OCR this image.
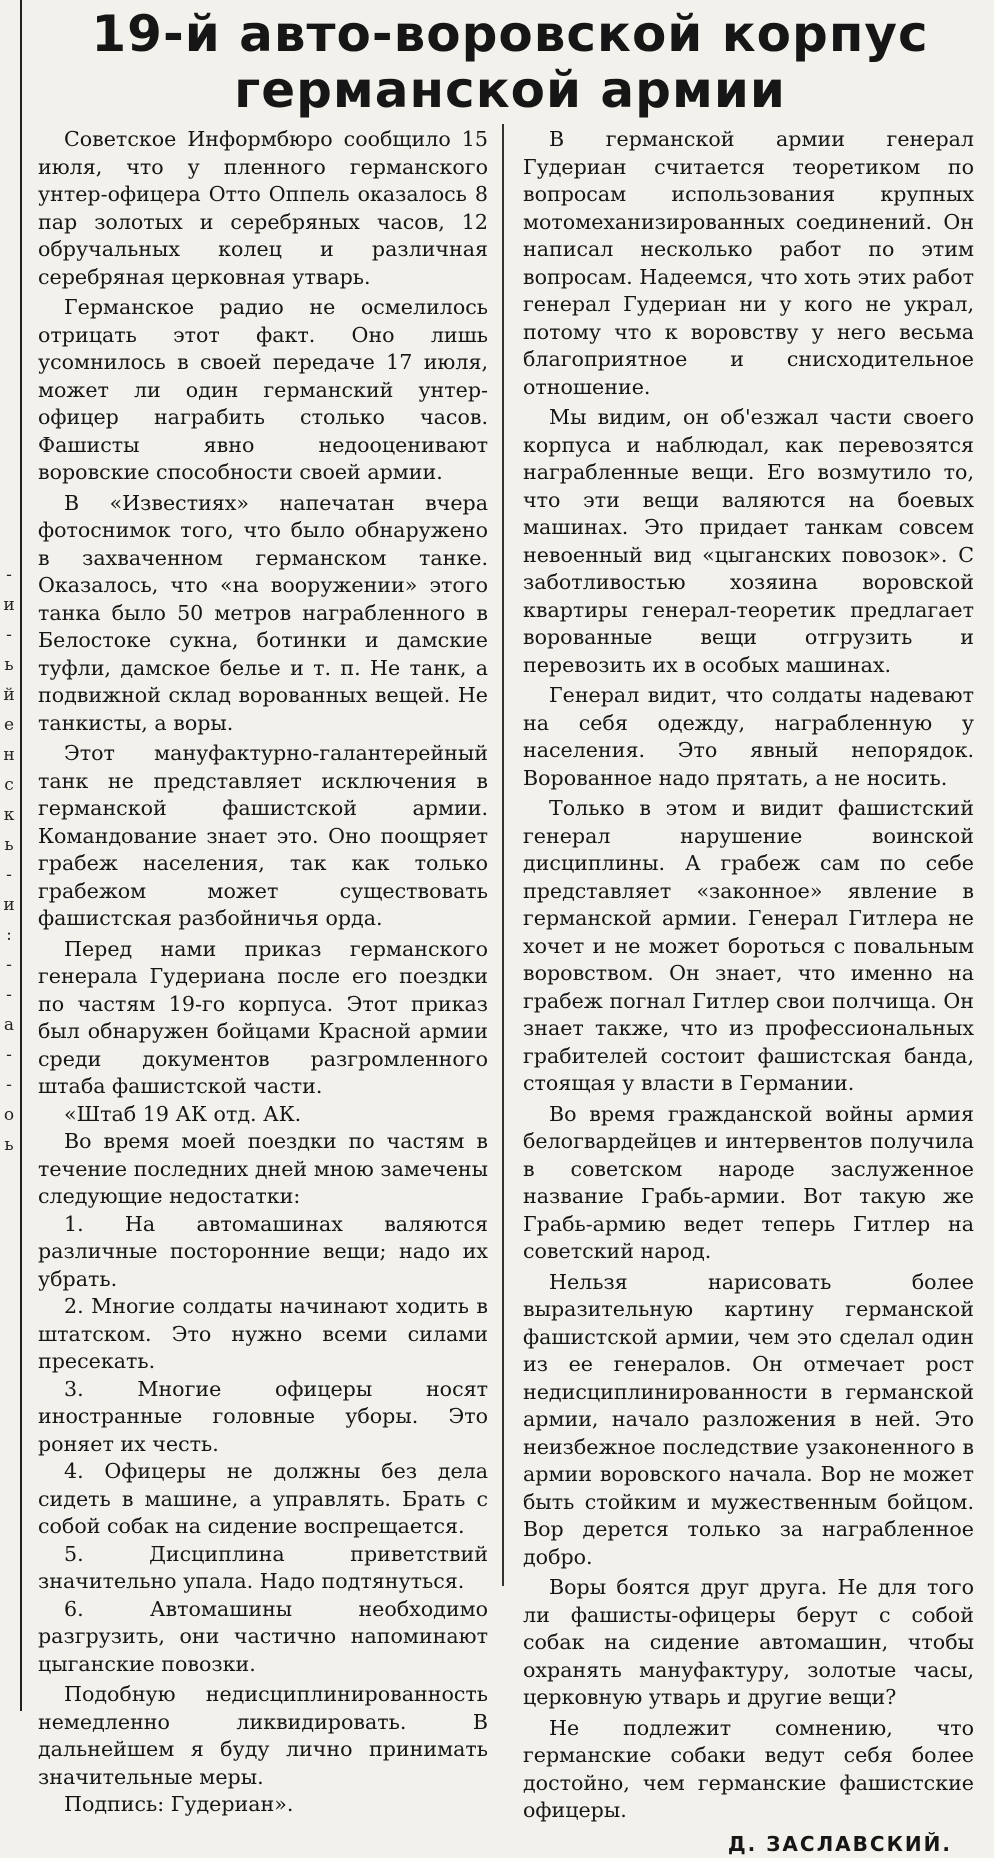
-
и
-
ь
й
е
н
с
к
ь
-
и
:
-
-
а
-
-
о
ь
19-й авто-воровской корпус
германской армии

Советское Информбюро сообщило 15 июля, что у пленного германского унтер-офицера Отто Оппель оказалось 8 пар золотых и серебряных часов, 12 обручальных колец и различная серебряная церковная утварь.

Германское радио не осмелилось отрицать этот факт. Оно лишь усомнилось в своей передаче 17 июля, может ли один германский унтер-офицер награбить столько часов. Фашисты явно недооценивают воровские способности своей армии.

В «Известиях» напечатан вчера фотоснимок того, что было обнаружено в захваченном германском танке. Оказалось, что «на вооружении» этого танка было 50 метров награбленного в Белостоке сукна, ботинки и дамские туфли, дамское белье и т. п. Не танк, а подвижной склад ворованных вещей. Не танкисты, а воры.

Этот мануфактурно-галантерейный танк не представляет исключения в германской фашистской армии. Командование знает это. Оно поощряет грабеж населения, так как только грабежом может существовать фашистская разбойничья орда.

Перед нами приказ германского генерала Гудериана после его поездки по частям 19-го корпуса. Этот приказ был обнаружен бойцами Красной армии среди документов разгромленного штаба фашистской части.

«Штаб 19 АК отд. АК.

Во время моей поездки по частям в течение последних дней мною замечены следующие недостатки:

1. На автомашинах валяются различные посторонние вещи; надо их убрать.

2. Многие солдаты начинают ходить в штатском. Это нужно всеми силами пресекать.

3. Многие офицеры носят иностранные головные уборы. Это роняет их честь.

4. Офицеры не должны без дела сидеть в машине, а управлять. Брать с собой собак на сидение воспрещается.

5. Дисциплина приветствий значительно упала. Надо подтянуться.

6. Автомашины необходимо разгрузить, они частично напоминают цыганские повозки.

Подобную недисциплинированность немедленно ликвидировать. В дальнейшем я буду лично принимать значительные меры.

Подпись: Гудериан».

В германской армии генерал Гудериан считается теоретиком по вопросам использования крупных мотомеханизированных соединений. Он написал несколько работ по этим вопросам. Надеемся, что хоть этих работ генерал Гудериан ни у кого не украл, потому что к воровству у него весьма благоприятное и снисходительное отношение.

Мы видим, он об'езжал части своего корпуса и наблюдал, как перевозятся награбленные вещи. Его возмутило то, что эти вещи валяются на боевых машинах. Это придает танкам совсем невоенный вид «цыганских повозок». С заботливостью хозяина воровской квартиры генерал-теоретик предлагает ворованные вещи отгрузить и перевозить их в особых машинах.

Генерал видит, что солдаты надевают на себя одежду, награбленную у населения. Это явный непорядок. Ворованное надо прятать, а не носить.

Только в этом и видит фашистский генерал нарушение воинской дисциплины. А грабеж сам по себе представляет «законное» явление в германской армии. Генерал Гитлера не хочет и не может бороться с повальным воровством. Он знает, что именно на грабеж погнал Гитлер свои полчища. Он знает также, что из профессиональных грабителей состоит фашистская банда, стоящая у власти в Германии.

Во время гражданской войны армия белогвардейцев и интервентов получила в советском народе заслуженное название Грабь-армии. Вот такую же Грабь-армию ведет теперь Гитлер на советский народ.

Нельзя нарисовать более выразительную картину германской фашистской армии, чем это сделал один из ее генералов. Он отмечает рост недисциплинированности в германской армии, начало разложения в ней. Это неизбежное последствие узаконенного в армии воровского начала. Вор не может быть стойким и мужественным бойцом. Вор дерется только за награбленное добро.

Воры боятся друг друга. Не для того ли фашисты-офицеры берут с собой собак на сидение автомашин, чтобы охранять мануфактуру, золотые часы, церковную утварь и другие вещи?

Не подлежит сомнению, что германские собаки ведут себя более достойно, чем германские фашистские офицеры.

Д. ЗАСЛАВСКИЙ.
